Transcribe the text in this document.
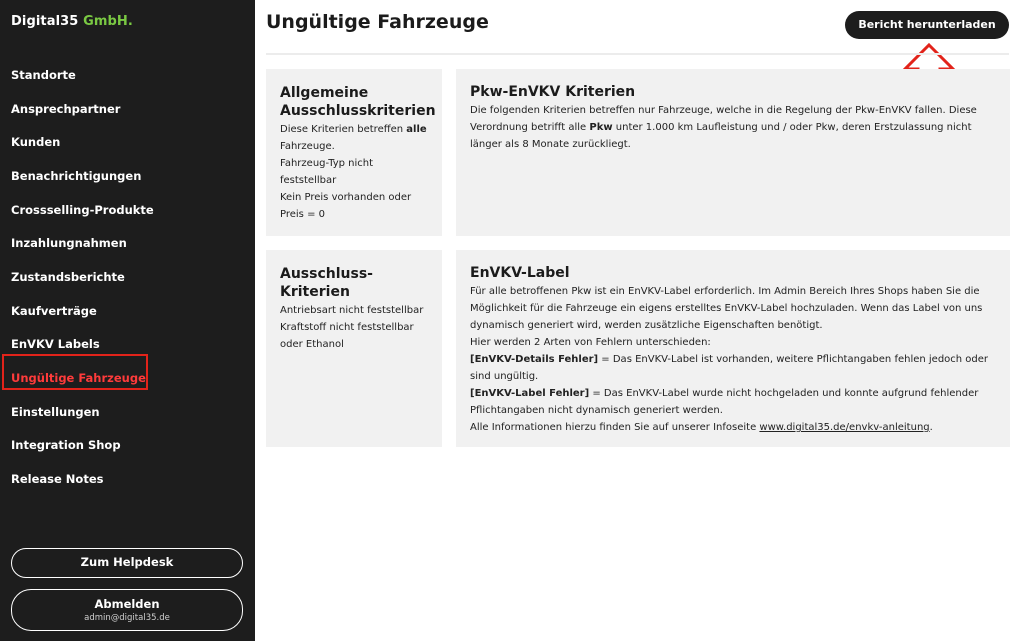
Digital35 GmbH.
Standorte
Ansprechpartner
Kunden
Benachrichtigungen
Crossselling-Produkte
Inzahlungnahmen
Zustandsberichte
Kaufverträge
EnVKV Labels
Ungültige Fahrzeuge
Einstellungen
Integration Shop
Release Notes
Zum Helpdesk
Abmelden
admin@digital35.de
Ungültige Fahrzeuge	Bericht herunterladen
Allgemeine Ausschlusskriterien

Diese Kriterien betreffen alle Fahrzeuge.

Fahrzeug-Typ nicht feststellbar

Kein Preis vorhanden oder Preis = 0

Pkw-EnVKV Kriterien

Die folgenden Kriterien betreffen nur Fahrzeuge, welche in die Regelung der Pkw-EnVKV fallen. Diese Verordnung betrifft alle Pkw unter 1.000 km Laufleistung und / oder Pkw, deren Erstzulassung nicht länger als 8 Monate zurückliegt.

Ausschluss-Kriterien

Antriebsart nicht feststellbar

Kraftstoff nicht feststellbar oder Ethanol

EnVKV-Label

Für alle betroffenen Pkw ist ein EnVKV-Label erforderlich. Im Admin Bereich Ihres Shops haben Sie die Möglichkeit für die Fahrzeuge ein eigens erstelltes EnVKV-Label hochzuladen. Wenn das Label von uns dynamisch generiert wird, werden zusätzliche Eigenschaften benötigt.

Hier werden 2 Arten von Fehlern unterschieden:

[EnVKV-Details Fehler] = Das EnVKV-Label ist vorhanden, weitere Pflichtangaben fehlen jedoch oder sind ungültig.

[EnVKV-Label Fehler] = Das EnVKV-Label wurde nicht hochgeladen und konnte aufgrund fehlender Pflichtangaben nicht dynamisch generiert werden.

Alle Informationen hierzu finden Sie auf unserer Infoseite www.digital35.de/envkv-anleitung.
